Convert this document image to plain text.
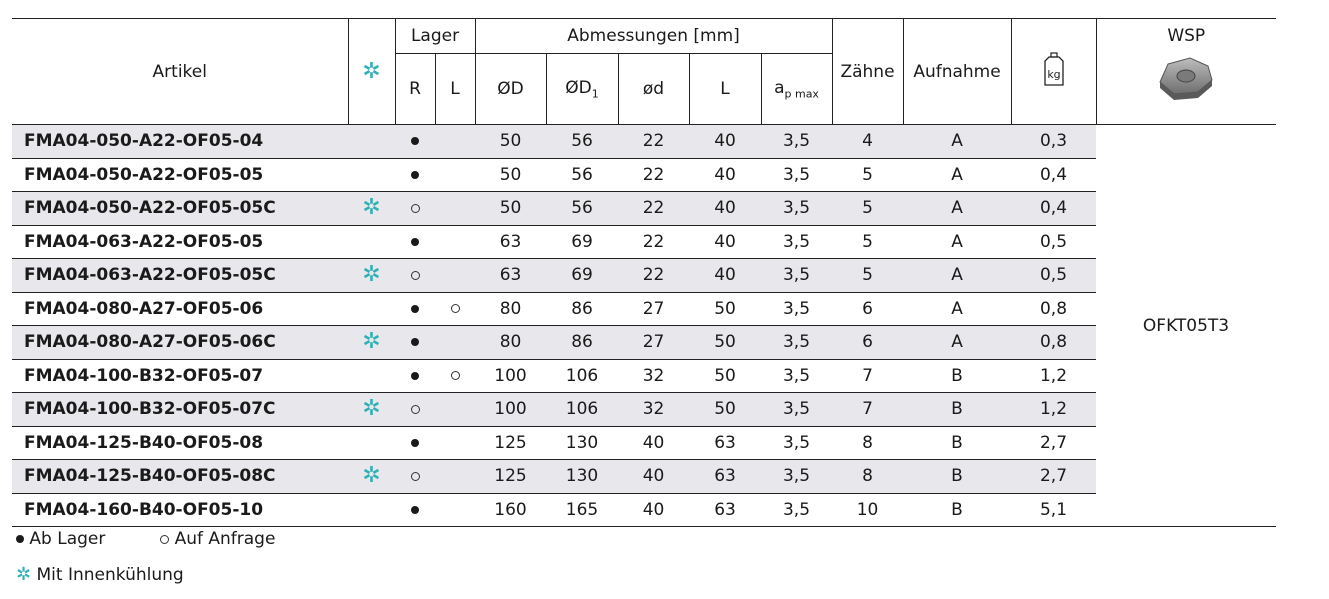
Artikel	✲	Lager		Abmessungen [mm]					Zähne	Aufnahme	kg	WSP
		R	L	ØD	$ØD_1$	ød	L	$a_{p max}$	
FMA04-050-A22-OF05-04				50	56	22	40	3,5	4	A	0,3	OFKT05T3
FMA04-050-A22-OF05-05				50	56	22	40	3,5	5	A	0,4	
FMA04-050-A22-OF05-05C	✲			50	56	22	40	3,5	5	A	0,4	
FMA04-063-A22-OF05-05				63	69	22	40	3,5	5	A	0,5	
FMA04-063-A22-OF05-05C	✲			63	69	22	40	3,5	5	A	0,5	
FMA04-080-A27-OF05-06				80	86	27	50	3,5	6	A	0,8	
FMA04-080-A27-OF05-06C	✲			80	86	27	50	3,5	6	A	0,8	
FMA04-100-B32-OF05-07				100	106	32	50	3,5	7	B	1,2	
FMA04-100-B32-OF05-07C	✲			100	106	32	50	3,5	7	B	1,2	
FMA04-125-B40-OF05-08				125	130	40	63	3,5	8	B	2,7	
FMA04-125-B40-OF05-08C	✲			125	130	40	63	3,5	8	B	2,7	
FMA04-160-B40-OF05-10				160	165	40	63	3,5	10	B	5,1	
Ab Lager	Auf Anfrage
✲ Mit Innenkühlung
